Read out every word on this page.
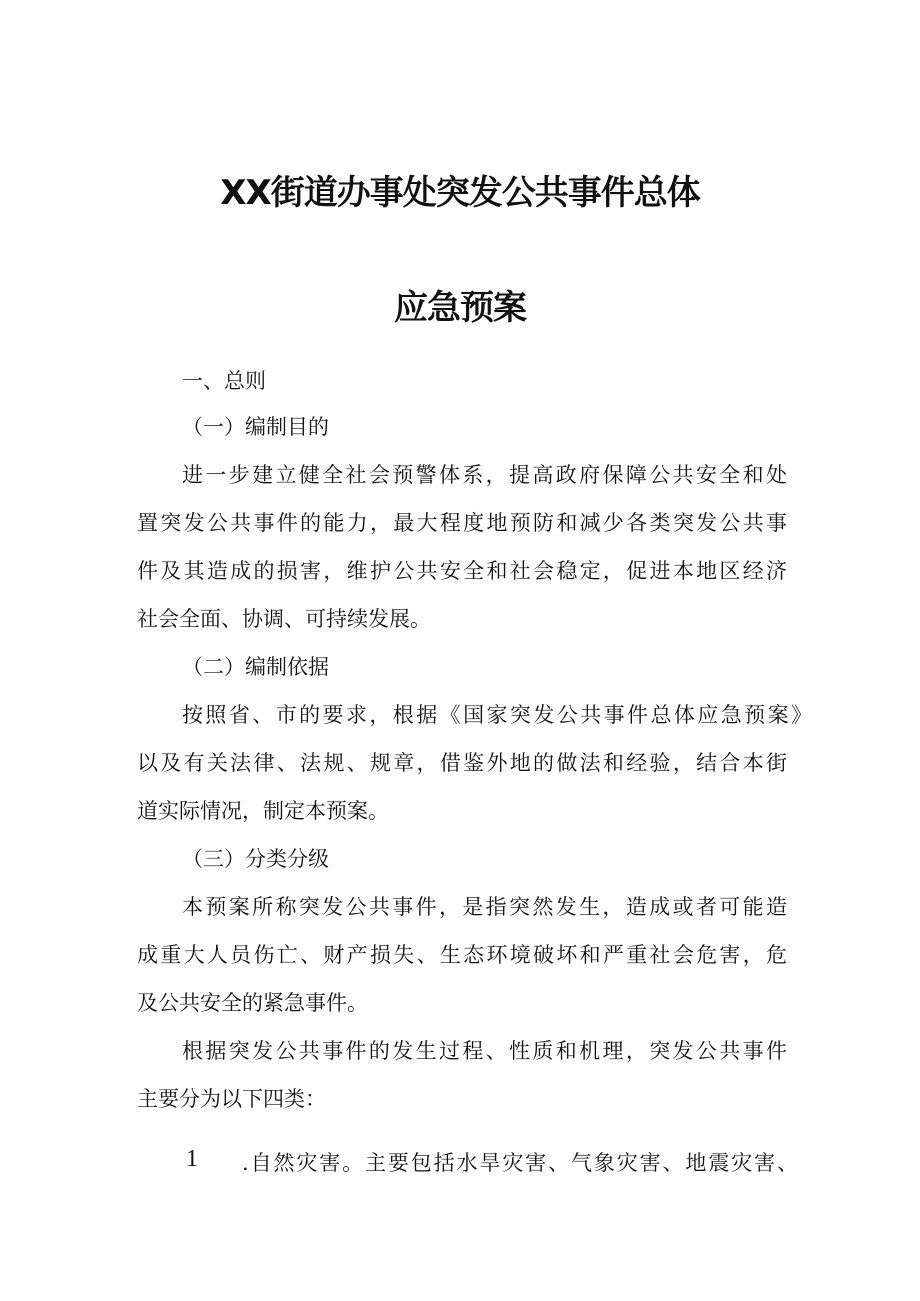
XX街道办事处突发公共事件总体
应急预案
一、总则
（一）编制目的
进一步建立健全社会预警体系，提高政府保障公共安全和处
置突发公共事件的能力，最大程度地预防和减少各类突发公共事
件及其造成的损害，维护公共安全和社会稳定，促进本地区经济
社会全面、协调、可持续发展。
（二）编制依据
按照省、市的要求，根据《国家突发公共事件总体应急预案》
以及有关法律、法规、规章，借鉴外地的做法和经验，结合本街
道实际情况，制定本预案。
（三）分类分级
本预案所称突发公共事件，是指突然发生，造成或者可能造
成重大人员伤亡、财产损失、生态环境破坏和严重社会危害，危
及公共安全的紧急事件。
根据突发公共事件的发生过程、性质和机理，突发公共事件
主要分为以下四类：
1 .自然灾害。主要包括水旱灾害、气象灾害、地震灾害、
